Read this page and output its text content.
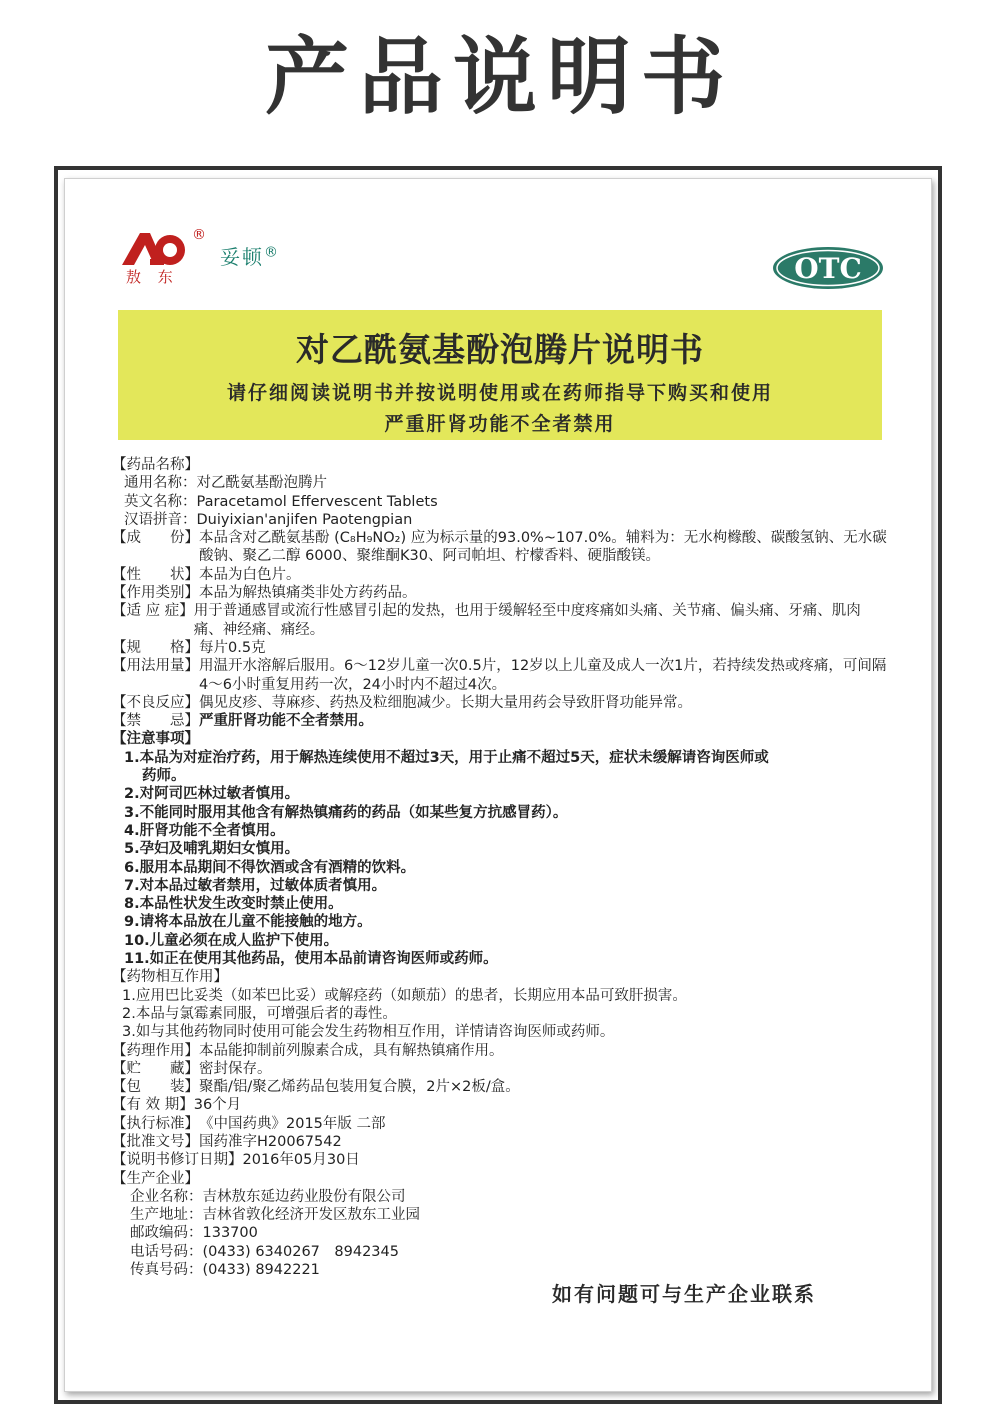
产品说明书
®
敖 东
妥顿®	OTC
对乙酰氨基酚泡腾片说明书
请仔细阅读说明书并按说明使用或在药师指导下购买和使用
严重肝肾功能不全者禁用
【药品名称】
通用名称：对乙酰氨基酚泡腾片
英文名称：Paracetamol Effervescent Tablets
汉语拼音：Duiyixian'anjifen Paotengpian
【成　　份】 本品含对乙酰氨基酚 (C₈H₉NO₂) 应为标示量的93.0%~107.0%。辅料为：无水枸橼酸、碳酸氢钠、无水碳酸钠、聚乙二醇 6000、聚维酮K30、阿司帕坦、柠檬香料、硬脂酸镁。
【性　　状】 本品为白色片。
【作用类别】 本品为解热镇痛类非处方药药品。
【适 应 症】 用于普通感冒或流行性感冒引起的发热，也用于缓解轻至中度疼痛如头痛、关节痛、偏头痛、牙痛、肌肉痛、神经痛、痛经。
【规　　格】 每片0.5克
【用法用量】 用温开水溶解后服用。6～12岁儿童一次0.5片，12岁以上儿童及成人一次1片，若持续发热或疼痛，可间隔4～6小时重复用药一次，24小时内不超过4次。
【不良反应】 偶见皮疹、荨麻疹、药热及粒细胞减少。长期大量用药会导致肝肾功能异常。
【禁　　忌】 严重肝肾功能不全者禁用。
【注意事项】
1.本品为对症治疗药，用于解热连续使用不超过3天，用于止痛不超过5天，症状未缓解请咨询医师或
药师。
2.对阿司匹林过敏者慎用。
3.不能同时服用其他含有解热镇痛药的药品（如某些复方抗感冒药）。
4.肝肾功能不全者慎用。
5.孕妇及哺乳期妇女慎用。
6.服用本品期间不得饮酒或含有酒精的饮料。
7.对本品过敏者禁用，过敏体质者慎用。
8.本品性状发生改变时禁止使用。
9.请将本品放在儿童不能接触的地方。
10.儿童必须在成人监护下使用。
11.如正在使用其他药品，使用本品前请咨询医师或药师。
【药物相互作用】
1.应用巴比妥类（如苯巴比妥）或解痉药（如颠茄）的患者，长期应用本品可致肝损害。
2.本品与氯霉素同服，可增强后者的毒性。
3.如与其他药物同时使用可能会发生药物相互作用，详情请咨询医师或药师。
【药理作用】 本品能抑制前列腺素合成，具有解热镇痛作用。
【贮　　藏】 密封保存。
【包　　装】 聚酯/铝/聚乙烯药品包装用复合膜，2片×2板/盒。
【有 效 期】 36个月
【执行标准】 《中国药典》2015年版 二部
【批准文号】 国药准字H20067542
【说明书修订日期】 2016年05月30日
【生产企业】
企业名称：吉林敖东延边药业股份有限公司
生产地址：吉林省敦化经济开发区敖东工业园
邮政编码：133700
电话号码：(0433) 6340267　8942345
传真号码：(0433) 8942221
如有问题可与生产企业联系
